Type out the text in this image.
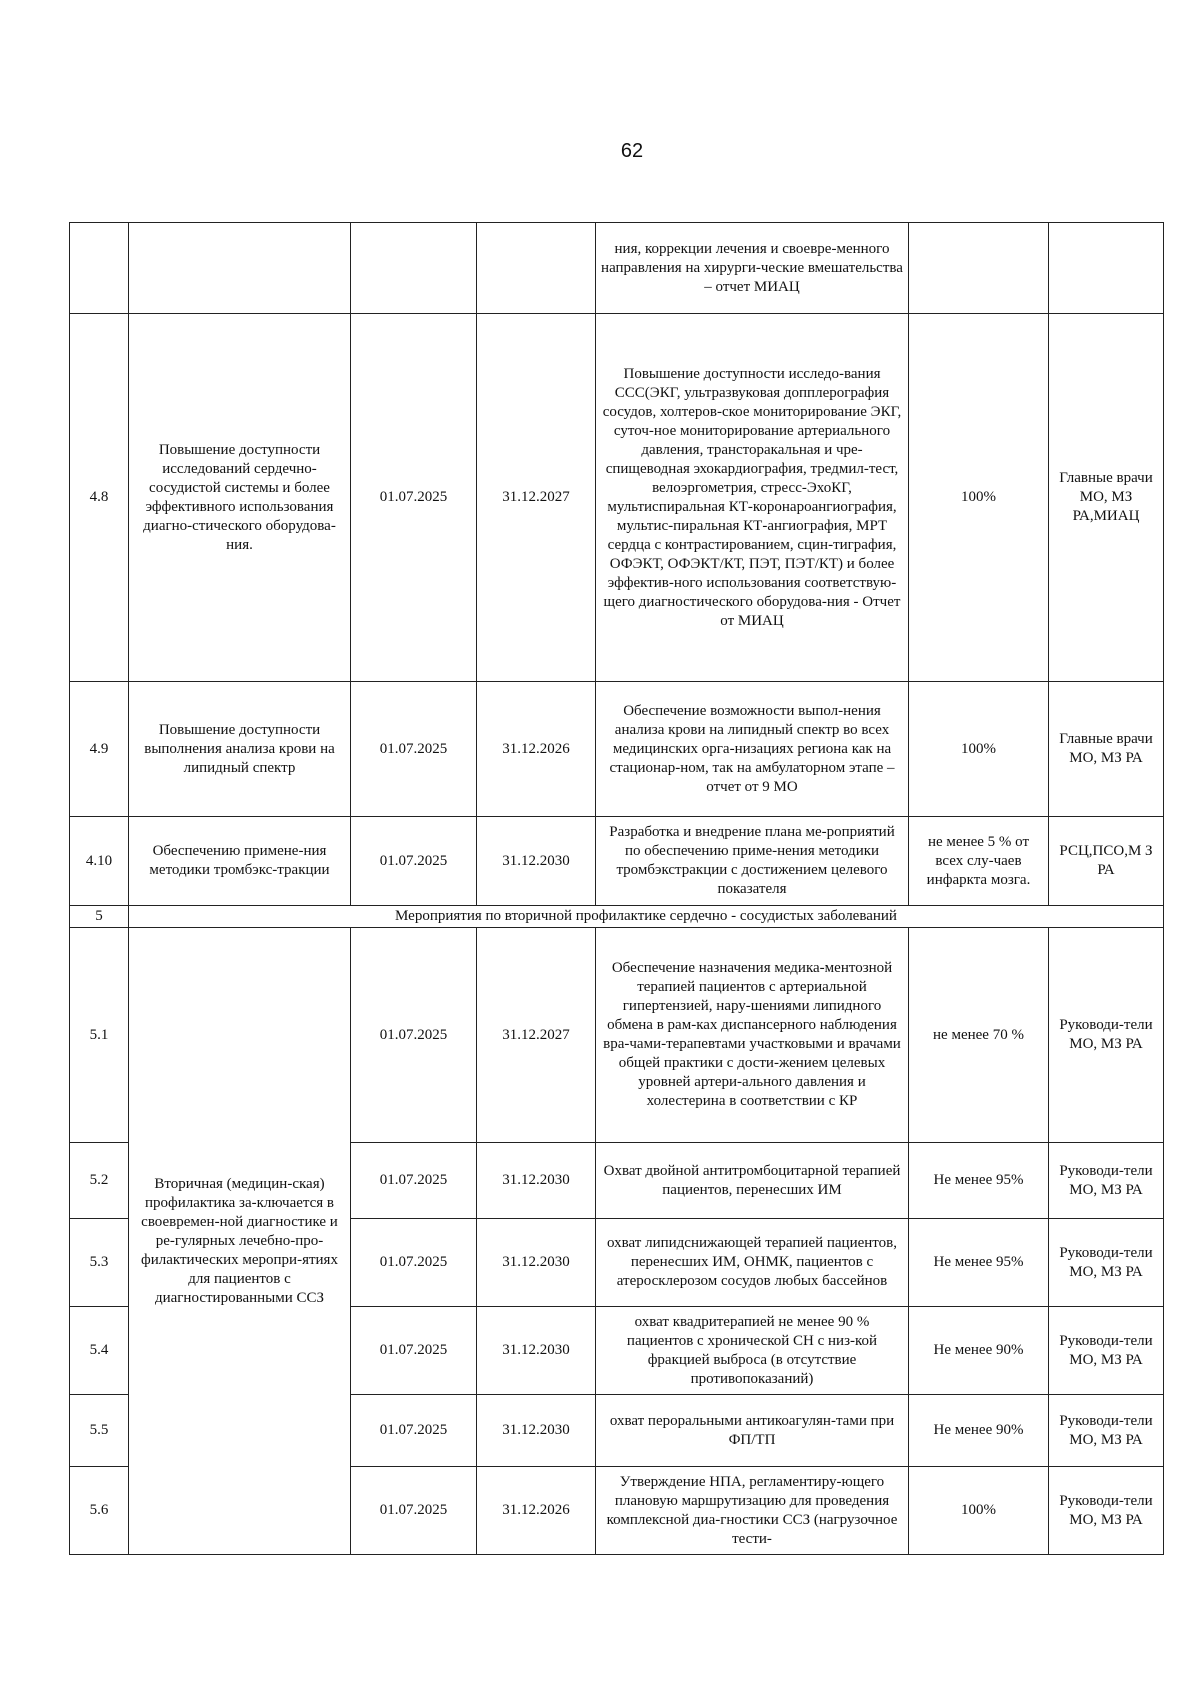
62
				ния, коррекции лечения и своевре-менного направления на хирурги-ческие вмешательства – отчет МИАЦ		
4.8	Повышение доступности исследований сердечно-сосудистой системы и более эффективного использования диагно-стического оборудова-ния.	01.07.2025	31.12.2027	Повышение доступности исследо-вания ССС(ЭКГ, ультразвуковая допплерография сосудов, холтеров-ское мониторирование ЭКГ, суточ-ное мониторирование артериального давления, трансторакальная и чре-спищеводная эхокардиография, тредмил-тест, велоэргометрия, стресс-ЭхоКГ, мультиспиральная КТ-коронароангиография, мультис-пиральная КТ-ангиография, МРТ сердца с контрастированием, сцин-тиграфия, ОФЭКТ, ОФЭКТ/КТ, ПЭТ, ПЭТ/КТ) и более эффектив-ного использования соответствую-щего диагностического оборудова-ния - Отчет от МИАЦ	100%	Главные врачи МО, МЗ РА,МИАЦ
4.9	Повышение доступности выполнения анализа крови на липидный спектр	01.07.2025	31.12.2026	Обеспечение возможности выпол-нения анализа крови на липидный спектр во всех медицинских орга-низациях региона как на стационар-ном, так на амбулаторном этапе – отчет от 9 МО	100%	Главные врачи МО, МЗ РА
4.10	Обеспечению примене-ния методики тромбэкс-тракции	01.07.2025	31.12.2030	Разработка и внедрение плана ме-роприятий по обеспечению приме-нения методики тромбэкстракции с достижением целевого показателя	не менее 5 % от всех слу-чаев инфаркта мозга.	РСЦ,ПСО,М З РА
5	Мероприятия по вторичной профилактике сердечно - сосудистых заболеваний					
5.1	Вторичная (медицин-ская) профилактика за-ключается в своевремен-ной диагностике и ре-гулярных лечебно-про-филактических меропри-ятиях для пациентов с диагностированными ССЗ	01.07.2025	31.12.2027	Обеспечение назначения медика-ментозной терапией пациентов с артериальной гипертензией, нару-шениями липидного обмена в рам-ках диспансерного наблюдения вра-чами-терапевтами участковыми и врачами общей практики с дости-жением целевых уровней артери-ального давления и холестерина в соответствии с КР	не менее 70 %	Руководи-тели МО, МЗ РА
5.2		01.07.2025	31.12.2030	Охват двойной антитромбоцитарной терапией пациентов, перенесших ИМ	Не менее 95%	Руководи-тели МО, МЗ РА
5.3		01.07.2025	31.12.2030	охват липидснижающей терапией пациентов, перенесших ИМ, ОНМК, пациентов с атеросклерозом сосудов любых бассейнов	Не менее 95%	Руководи-тели МО, МЗ РА
5.4		01.07.2025	31.12.2030	охват квадритерапией не менее 90 % пациентов с хронической СН с низ-кой фракцией выброса (в отсутствие противопоказаний)	Не менее 90%	Руководи-тели МО, МЗ РА
5.5		01.07.2025	31.12.2030	охват пероральными антикоагулян-тами при ФП/ТП	Не менее 90%	Руководи-тели МО, МЗ РА
5.6		01.07.2025	31.12.2026	Утверждение НПА, регламентиру-ющего плановую маршрутизацию для проведения комплексной диа-гностики ССЗ (нагрузочное тести-	100%	Руководи-тели МО, МЗ РА
